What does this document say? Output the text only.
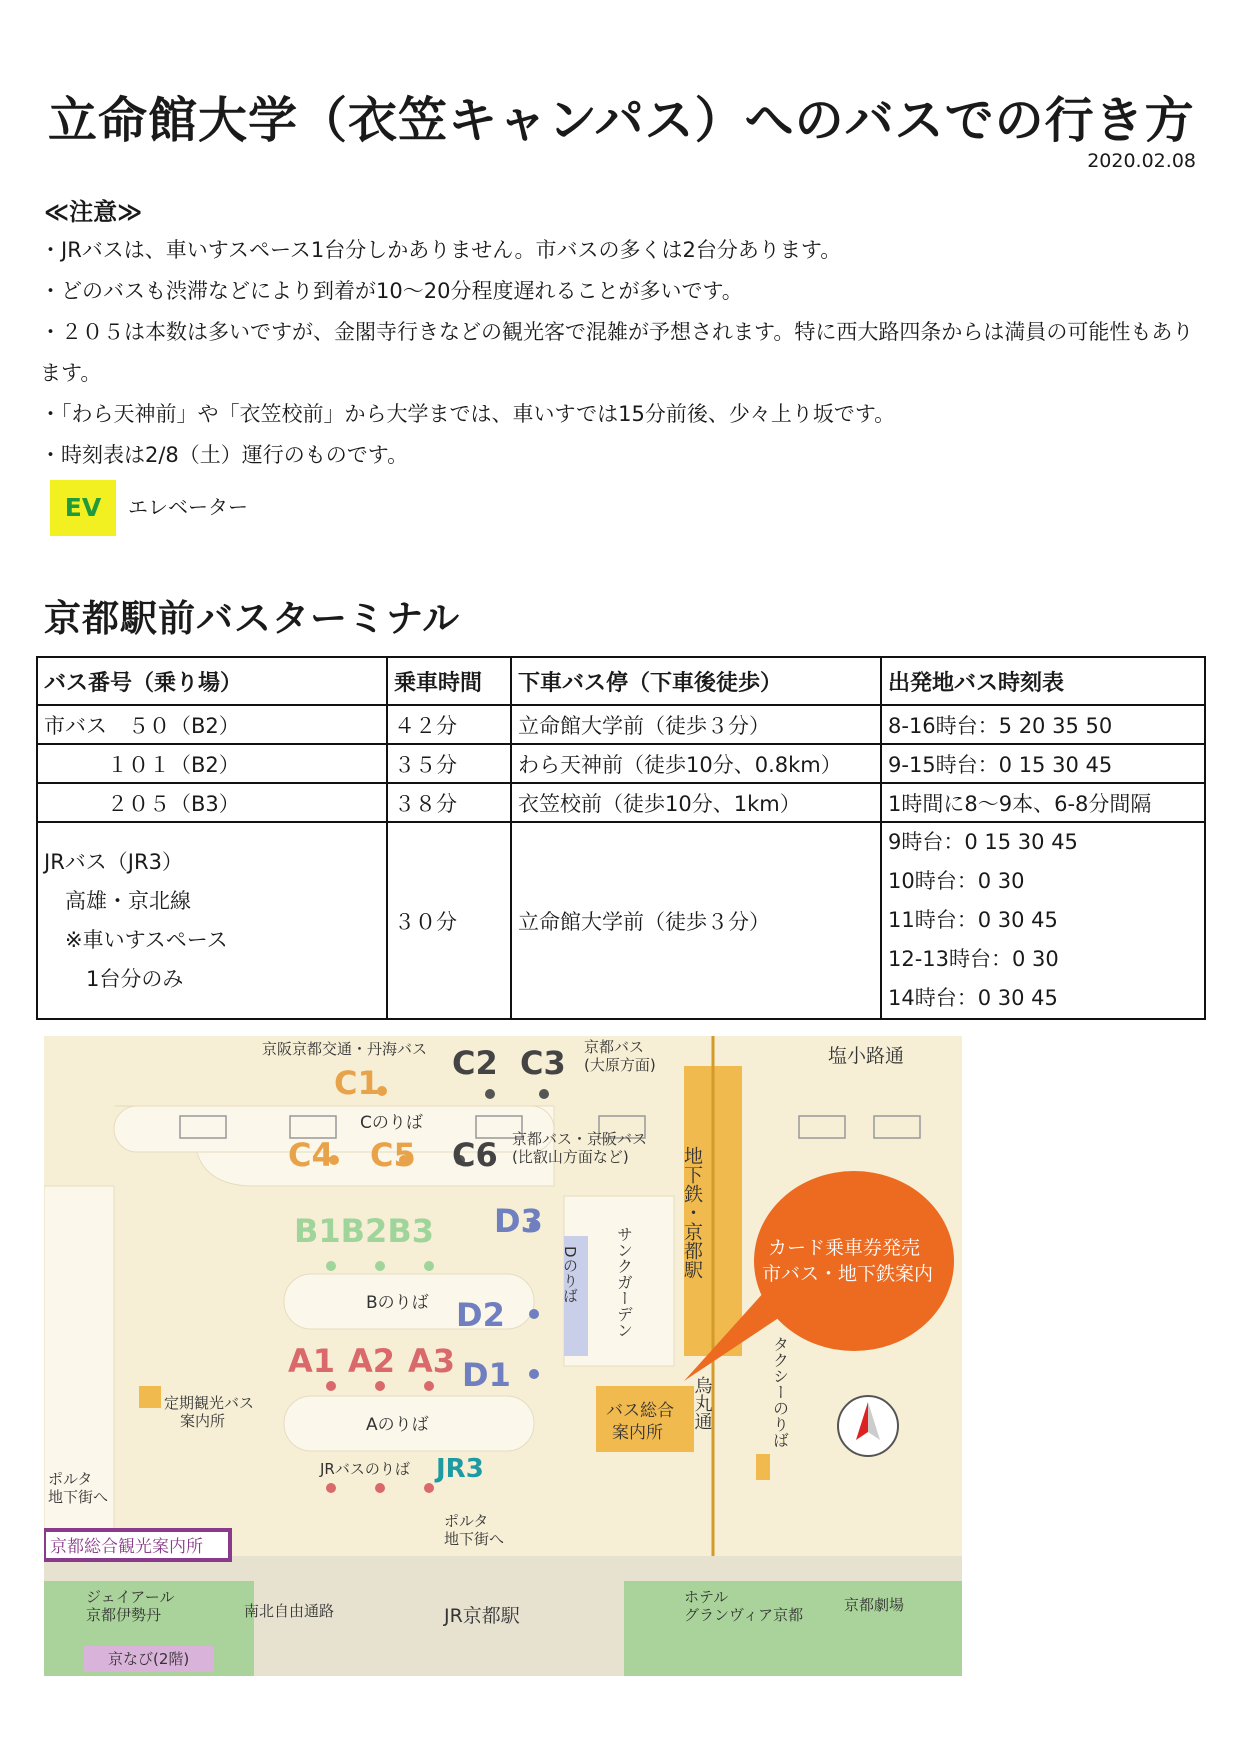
立命館大学（衣笠キャンパス）へのバスでの行き方
2020.02.08
≪注意≫

・JRバスは、車いすスペース1台分しかありません。市バスの多くは2台分あります。

・どのバスも渋滞などにより到着が10〜20分程度遅れることが多いです。

・２０５は本数は多いですが、金閣寺行きなどの観光客で混雑が予想されます。特に西大路四条からは満員の可能性もあります。

・「わら天神前」や「衣笠校前」から大学までは、車いすでは15分前後、少々上り坂です。

・時刻表は2/8（土）運行のものです。

EV	エレベーター
京都駅前バスターミナル
バス番号（乗り場）	乗車時間	下車バス停（下車後徒歩）	出発地バス時刻表
市バス　５０（B2）	４２分	立命館大学前（徒歩３分）	8-16時台：5 20 35 50
　　　１０１（B2）	３５分	わら天神前（徒歩10分、0.8km）	9-15時台：0 15 30 45
　　　２０５（B3）	３８分	衣笠校前（徒歩10分、1km）	1時間に8〜9本、6-8分間隔

JRバス（JR3）
　高雄・京北線
　※車いすスペース
　　1台分のみ	３０分	立命館大学前（徒歩３分）	9時台：0 15 30 45
10時台：0 30
11時台：0 30 45
12-13時台：0 30
14時台：0 30 45
C1
C2 C3
C4 C5 C6
B1B2B3 D3
D2
D1
A1 A2 A3
JR3
京阪京都交通・丹海バス	京都バス
(大原方面)	塩小路通
Cのりば
京都バス・京阪バス
(比叡山方面など)	地下鉄・京都駅
サンクガーデン	カード乗車券発売
市バス・地下鉄案内
Bのりば
Dのりば
Aのりば
定期観光バス
案内所	バス総合
案内所
烏丸通	タクシーのりば
JRバスのりば
ポルタ
地下街へ
ポルタ
地下街へ
京都総合観光案内所
ジェイアール
京都伊勢丹
京なび(2階)
南北自由通路	JR京都駅
ホテル
グランヴィア京都
京都劇場
